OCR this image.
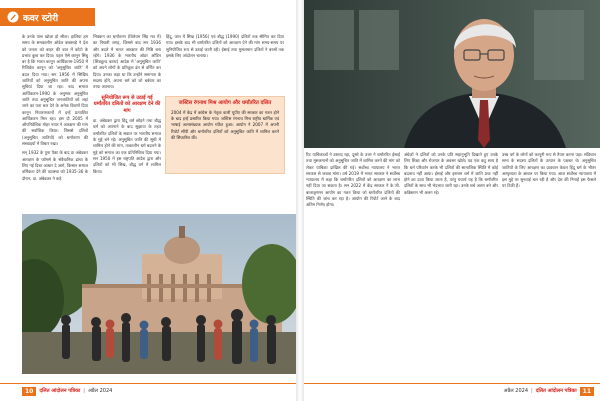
कवर स्टोरी

के उनके पास खोज़ा हो सीता। हालिया हम समय के समकालीन ओडेल बाबसाहे ने देश को जनता को बाहर की बात में कोटो के प्रभाव कुछ कर दिया। पहल ऐसे कानून सिंधु बर है कि भारत कानून आर्थिकतम-1950 में रिजिवेश कानून को 'अनुसूचित जाति' में बदल दिया गया। सन 1956 में सिखिय जातियों को अनुसूचित जाति की अपना सूचियां दिया जा रहा। बाद समाज आर्थिकतम-1990 के अनुसार अनुसूचित जाति तथा अनुसूचित जनजातियों को जहां जाने का पता चल देने के अनेक वित्रणों दिया कानून निवारणकानों में इन्हें प्रत्याशित आर्थिकतम मिल रहा। इस दौ 2005 में औपनिवेशिक मोहर नायर ने आरक्षण की मांग की सर्वाधिक किया। जिससे दलितों (अनुसूचित जातियों) को धर्मांतरण की सच्चाइयों में विचार रखा।

सन् 1932 के पूना पैक्ट के बाद डा अंबेडकर आरक्षण के फॉमर्स के संवैधानिक ढांचा के लिए नई दिशा आधार दे आगे, किसान समाज धर्मिकता देने की व्यवस्था को 1935-36 के दौरान, डा. अंबेडकर ने कहे

भिक्कन का धर्मांतरण (विलेयम सिंह मत में) का निचली जगह, जिससे बाद सन 1936 और बदले में भारत आरक्षण की निष्ठि बना रहेंगे। 1936 के भारतीय ओडर आँडिन (शिड्यूल्ड कास्ट) आदेश में 'अनुसूचित जाति' को अपने लोगों के प्रतिकूल ढंग से वर्णित कर दिया। उनका कहा था कि उन्होंने समानता के सदस्य होंगे, अपना धर्म को जो बर्बरता का तरफ अपनाय।

सुनियोजित रूप से उठाई गई धर्मांतरित दलितों को आरक्षण देने की मांग

डा. अंबेडकर द्वारा हिंदू धर्म छोड़ने तथा बौद्ध धर्म को अपनाने के बाद सुझाया के तहत धर्मांतरित दलितों के सवाल पर भारतीय समाज के मुद्दे बने रहे। अनुसूचित जाति की सूची में शामिल होने की मांग, तत्कालीन धर्म बदलने के मुद्दे को समाज का एक प्रतिनिधित्व दिया गया। सन 1950 में इस राष्ट्रपति आदेश द्वारा और दलितों को भी सिख, बौद्ध वर्ग में शामिल किया।

हिंदू, जान में सिख (1956) एवं बौद्ध (1990) दलितों तक सीमित कर दिया गया। इसके बाद भी धर्मांतरित दलितों को आरक्षण देने की मांग समय-समय पर सुनियोजित रूप से उठाई जाती रही। ईसाई तथा मुसलमान दलितों ने बरसों तक इसके लिए आंदोलन चलाया।

जस्टिस रंगनाथ मिश्र आयोग और धर्मांतरित दलित
2004 में केंद्र में कांग्रेस के नेतृत्व वाली यूपीए की सरकार का गठन होने के बाद इन्हें प्रसारित किया गया। जस्टिस रंगनाथ मिश्र राष्ट्रीय धार्मिक एवं भाषाई अल्पसंख्यक आयोग गठित हुआ। आयोग ने 2007 में अपनी रिपोर्ट सौंपी और धर्मांतरित दलितों को अनुसूचित जाति में शामिल करने की सिफारिश की।
10	दलित आंदोलन पत्रिका | अप्रैल 2024

रिट याचिकाओं ने उस्ताद रहा, दूसरे के उत्तर ने धर्मांतरित ईसाई तथा मुसलमानों को अनुसूचित जाति में शामिल करने की मांग को लेकर याचिका दाखिल की गई। सर्वोच्च न्यायालय ने भारत सरकार से जवाब मांगा। वर्ष 2019 में भारत सरकार ने सर्वोच्च न्यायालय में कहा कि धर्मांतरित दलितों को आरक्षण का लाभ नहीं दिया जा सकता है। सन 2022 में केंद्र सरकार ने के.जी. बालाकृष्णन आयोग का गठन किया जो धर्मांतरित दलितों की स्थिति की जांच कर रहा है। आयोग की रिपोर्ट आने के बाद अंतिम निर्णय होगा।

अंग्रेज़ों ने दलितों को उनके प्रति सहानुभूति दिखाते हुए उनके लिए शिक्षा और रोजगार के अवसर खोले। यह एक कटु सत्य है कि धर्म परिवर्तन करके भी दलितों की सामाजिक स्थिति में कोई बदलाव नहीं आया। ईसाई और इस्लाम धर्म में जाति प्रथा नहीं होने का दावा किया जाता है, परंतु यथार्थ यह है कि धर्मांतरित दलितों के साथ भी भेदभाव जारी रहा। उनके चर्च अलग बने और कब्रिस्तान भी अलग रहे।

उच्च वर्ग के लोगों को कानूनी रूप से तैयार करना पड़ा। संविधान सभा के सदस्य दलितों के उत्थान के पक्षधर थे। अनुसूचित जातियों के लिए आरक्षण का प्रावधान केवल हिंदू धर्म के भीतर अस्पृश्यता के आधार पर किया गया। आज सर्वोच्च न्यायालय में इस मुद्दे पर सुनवाई चल रही है और देश की निगाहें इस फैसले पर टिकी हैं।

अप्रैल 2024 | दलित आंदोलन पत्रिका	11
